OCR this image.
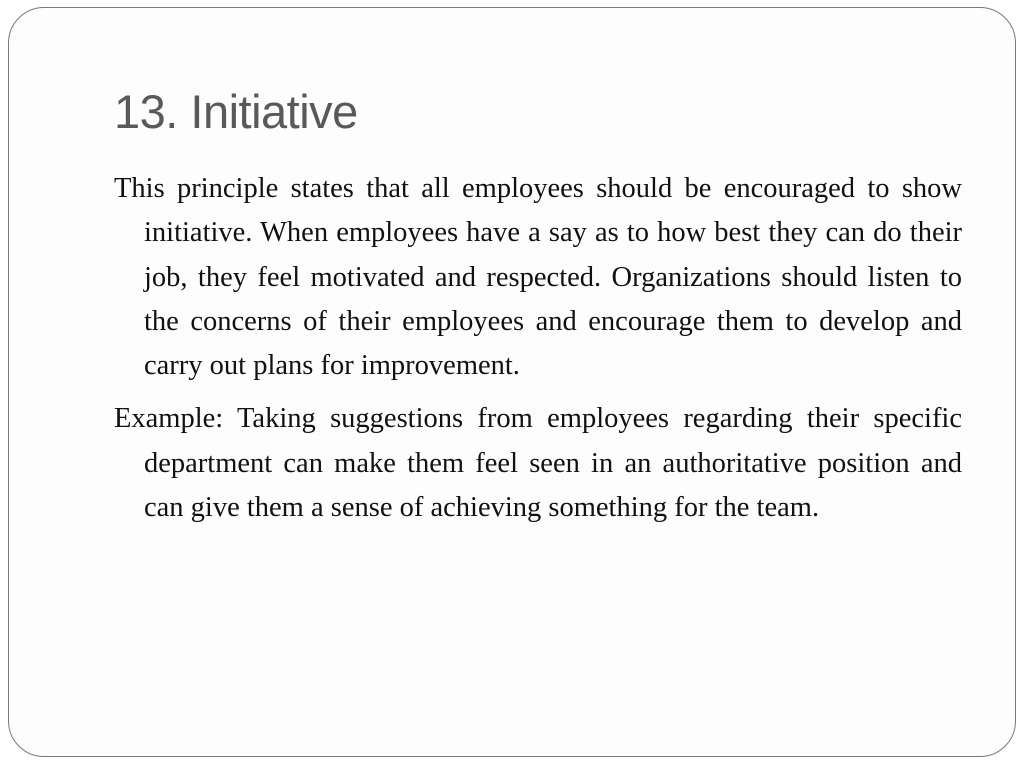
13. Initiative

This principle states that all employees should be encouraged to show initiative. When employees have a say as to how best they can do their job, they feel motivated and respected. Organizations should listen to the concerns of their employees and encourage them to develop and carry out plans for improvement.

Example: Taking suggestions from employees regarding their specific department can make them feel seen in an authoritative position and can give them a sense of achieving something for the team.
